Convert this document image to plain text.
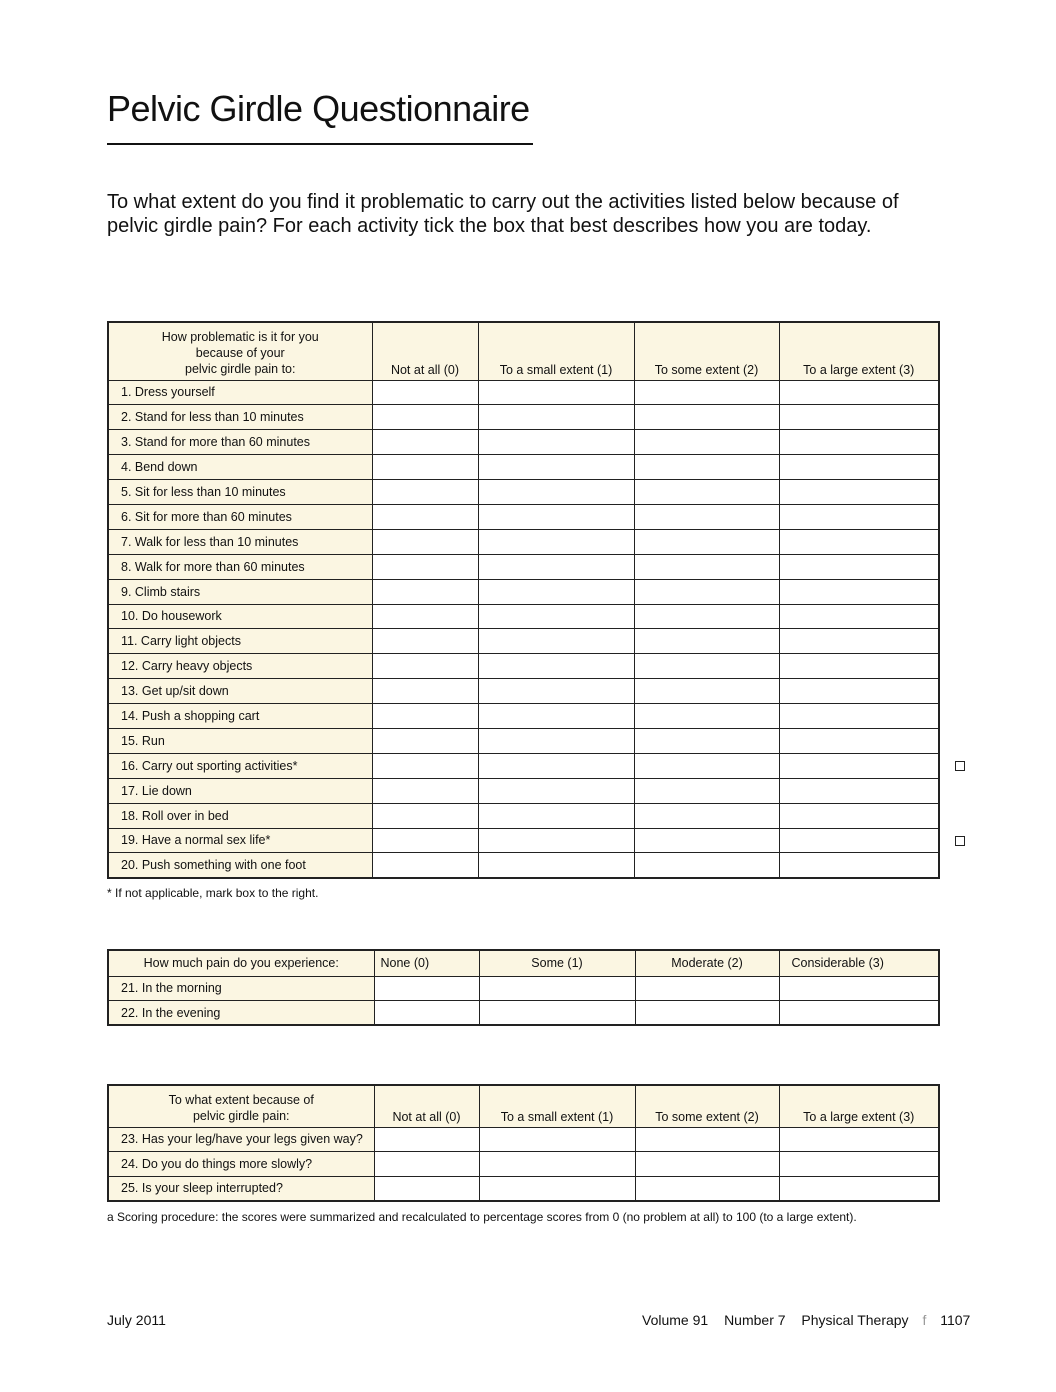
Pelvic Girdle Questionnaire
To what extent do you find it problematic to carry out the activities listed below because of pelvic girdle pain? For each activity tick the box that best describes how you are today.
How problematic is it for you
because of your
pelvic girdle pain to:	Not at all (0)	To a small extent (1)	To some extent (2)	To a large extent (3)
1. Dress yourself				
2. Stand for less than 10 minutes				
3. Stand for more than 60 minutes				
4. Bend down				
5. Sit for less than 10 minutes				
6. Sit for more than 60 minutes				
7. Walk for less than 10 minutes				
8. Walk for more than 60 minutes				
9. Climb stairs				
10. Do housework				
11. Carry light objects				
12. Carry heavy objects				
13. Get up/sit down				
14. Push a shopping cart				
15. Run				
16. Carry out sporting activities*				
17. Lie down				
18. Roll over in bed				
19. Have a normal sex life*				
20. Push something with one foot				
* If not applicable, mark box to the right.
How much pain do you experience:	None (0)	Some (1)	Moderate (2)	Considerable (3)
21. In the morning				
22. In the evening				
To what extent because of
pelvic girdle pain:	Not at all (0)	To a small extent (1)	To some extent (2)	To a large extent (3)
23. Has your leg/have your legs given way?				
24. Do you do things more slowly?				
25. Is your sleep interrupted?				
a Scoring procedure: the scores were summarized and recalculated to percentage scores from 0 (no problem at all) to 100 (to a large extent).
July 2011	Volume 91 Number 7 Physical Therapy f 1107
